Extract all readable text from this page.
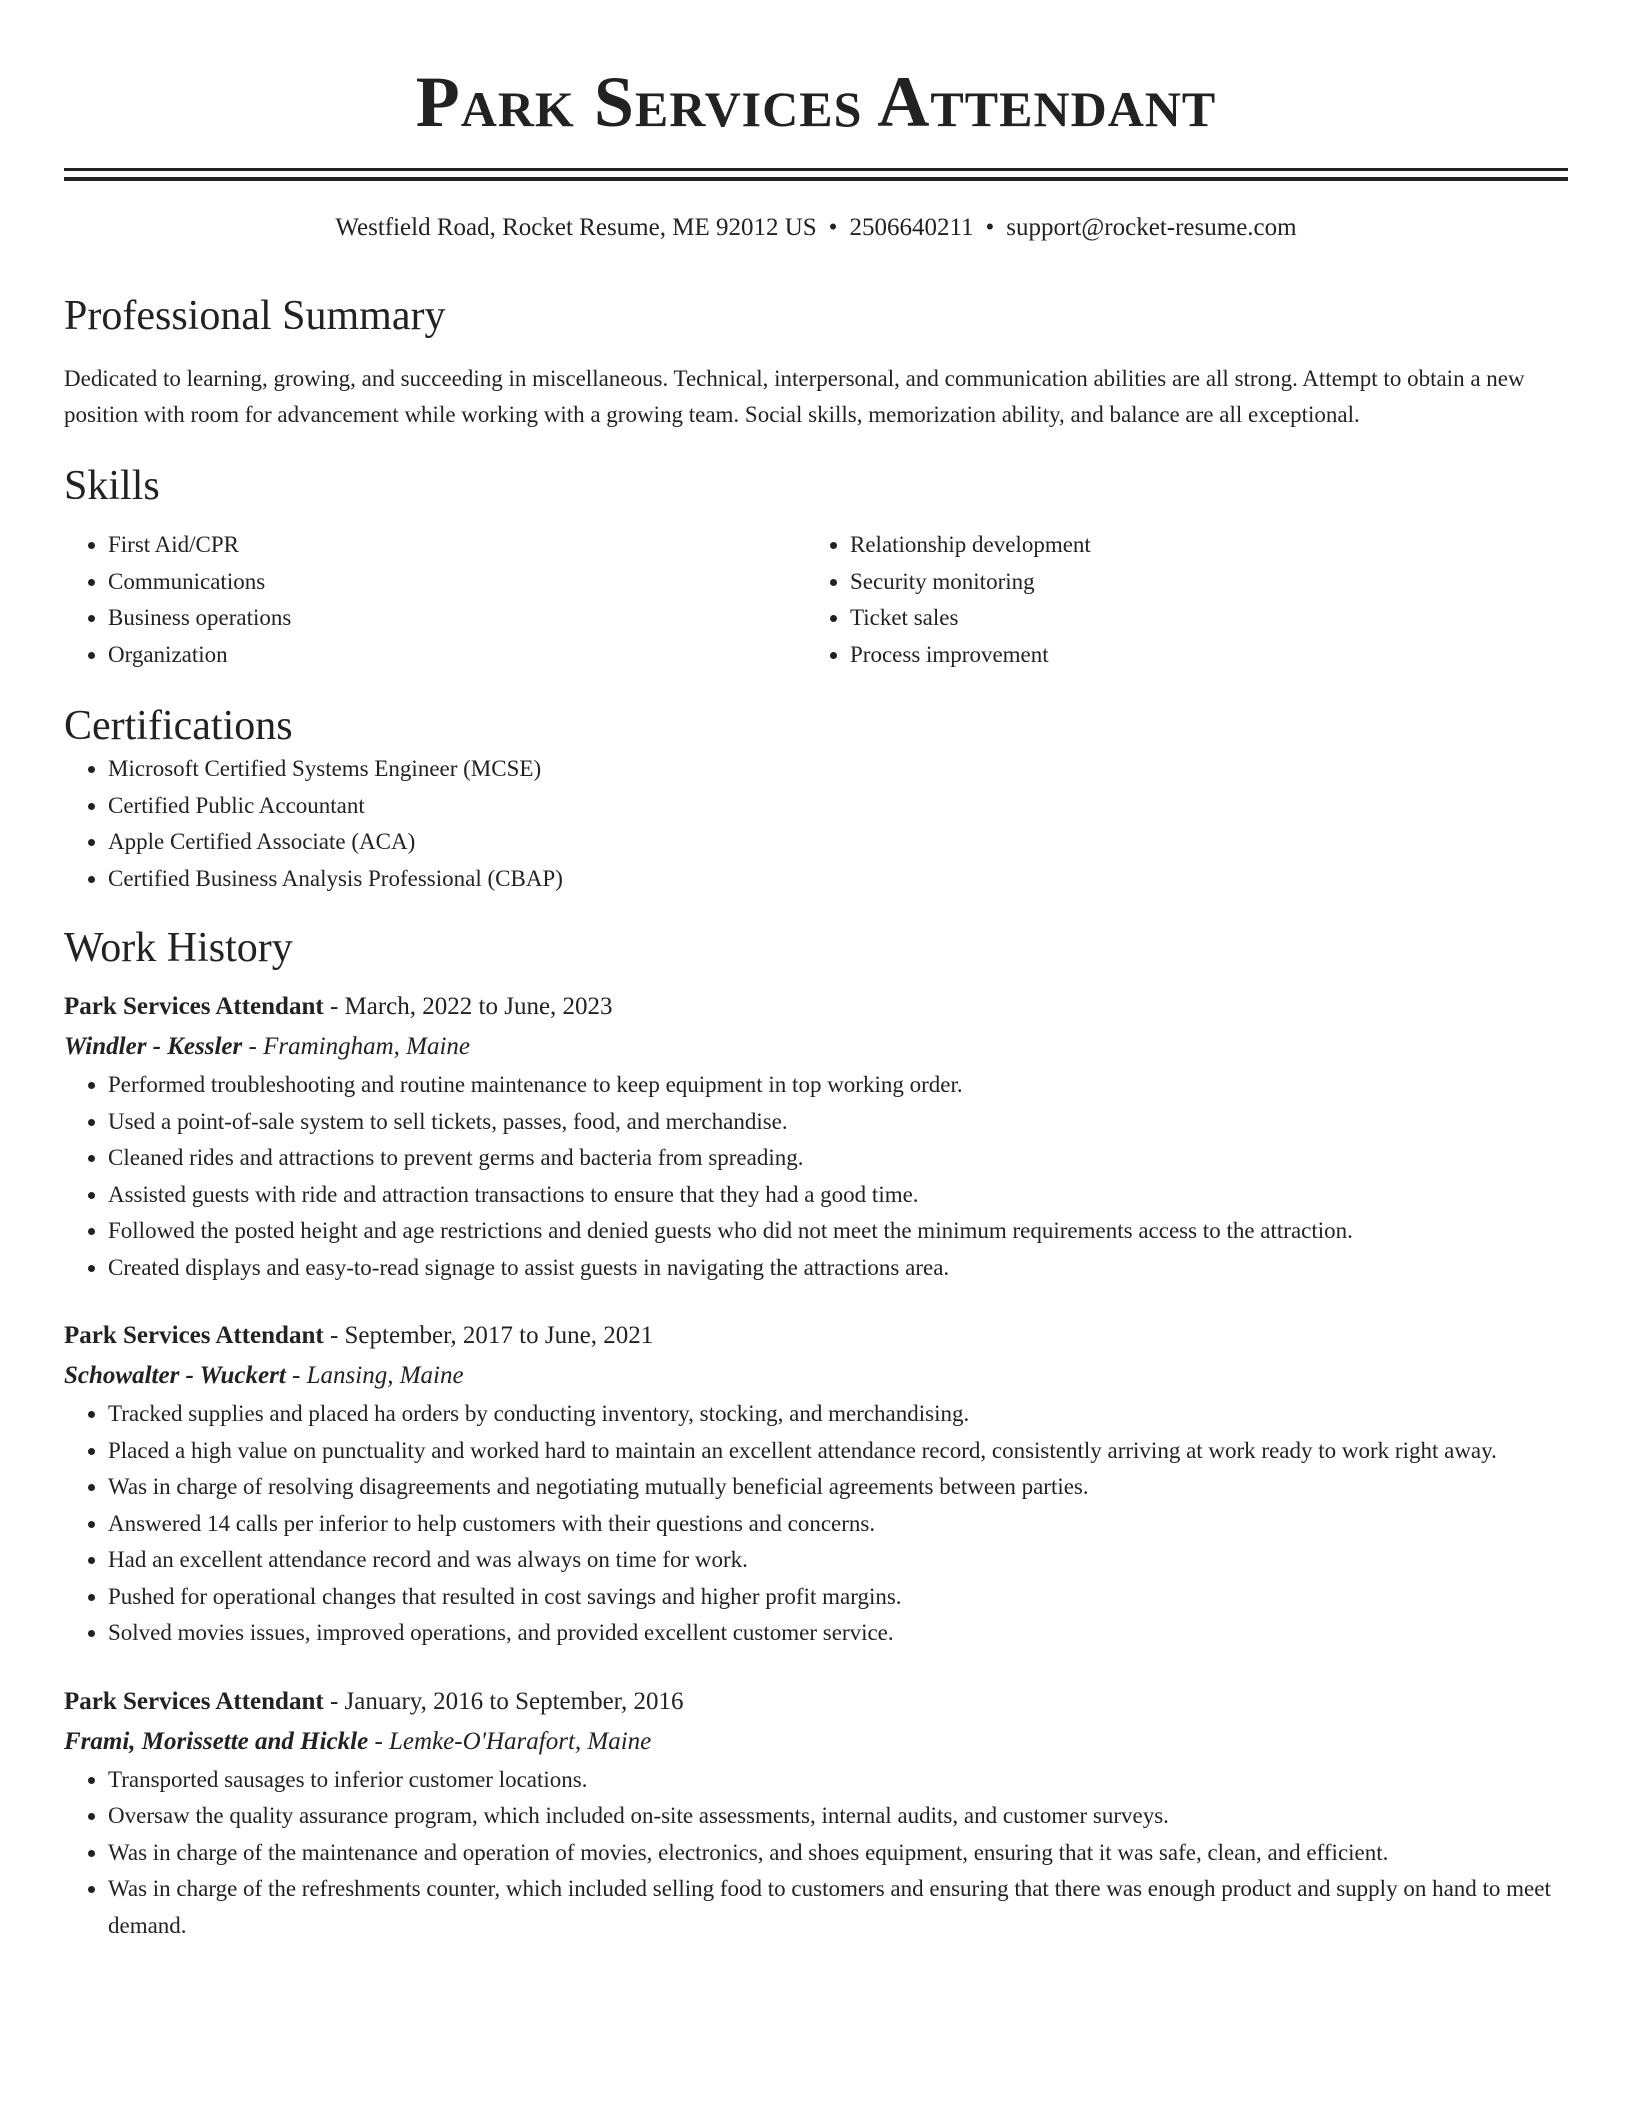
Park Services Attendant
Westfield Road, Rocket Resume, ME 92012 US • 2506640211 • support@rocket-resume.com
Professional Summary

Dedicated to learning, growing, and succeeding in miscellaneous. Technical, interpersonal, and communication abilities are all strong. Attempt to obtain a new position with room for advancement while working with a growing team. Social skills, memorization ability, and balance are all exceptional.

Skills
• First Aid/CPR
• Communications
• Business operations
• Organization
• Relationship development
• Security monitoring
• Ticket sales
• Process improvement
Certifications
• Microsoft Certified Systems Engineer (MCSE)
• Certified Public Accountant
• Apple Certified Associate (ACA)
• Certified Business Analysis Professional (CBAP)
Work History
Park Services Attendant - March, 2022 to June, 2023
Windler - Kessler - Framingham, Maine
• Performed troubleshooting and routine maintenance to keep equipment in top working order.
• Used a point-of-sale system to sell tickets, passes, food, and merchandise.
• Cleaned rides and attractions to prevent germs and bacteria from spreading.
• Assisted guests with ride and attraction transactions to ensure that they had a good time.
• Followed the posted height and age restrictions and denied guests who did not meet the minimum requirements access to the attraction.
• Created displays and easy-to-read signage to assist guests in navigating the attractions area.
Park Services Attendant - September, 2017 to June, 2021
Schowalter - Wuckert - Lansing, Maine
• Tracked supplies and placed ha orders by conducting inventory, stocking, and merchandising.
• Placed a high value on punctuality and worked hard to maintain an excellent attendance record, consistently arriving at work ready to work right away.
• Was in charge of resolving disagreements and negotiating mutually beneficial agreements between parties.
• Answered 14 calls per inferior to help customers with their questions and concerns.
• Had an excellent attendance record and was always on time for work.
• Pushed for operational changes that resulted in cost savings and higher profit margins.
• Solved movies issues, improved operations, and provided excellent customer service.
Park Services Attendant - January, 2016 to September, 2016
Frami, Morissette and Hickle - Lemke-O'Harafort, Maine
• Transported sausages to inferior customer locations.
• Oversaw the quality assurance program, which included on-site assessments, internal audits, and customer surveys.
• Was in charge of the maintenance and operation of movies, electronics, and shoes equipment, ensuring that it was safe, clean, and efficient.
• Was in charge of the refreshments counter, which included selling food to customers and ensuring that there was enough product and supply on hand to meet demand.
